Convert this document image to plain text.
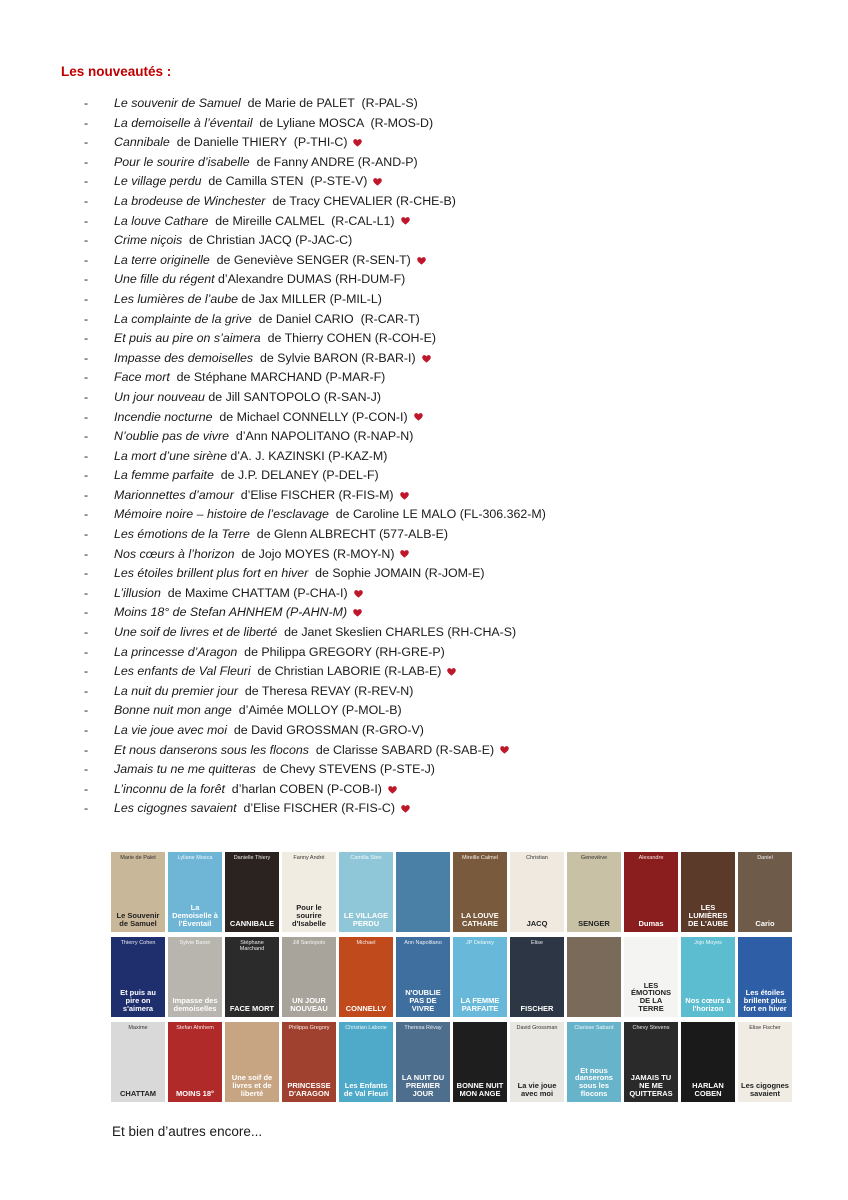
Les nouveautés :
-	Le souvenir de Samuel de Marie de PALET  (R-PAL-S)
-	La demoiselle à l’éventail de Lyliane MOSCA  (R-MOS-D)
-	Cannibale de Danielle THIERY  (P-THI-C)
-	Pour le sourire d’isabelle de Fanny ANDRE (R-AND-P)
-	Le village perdu de Camilla STEN  (P-STE-V)
-	La brodeuse de Winchester de Tracy CHEVALIER (R-CHE-B)
-	La louve Cathare de Mireille CALMEL  (R-CAL-L1)
-	Crime niçois de Christian JACQ (P-JAC-C)
-	La terre originelle de Geneviève SENGER (R-SEN-T)
-	Une fille du régent d’Alexandre DUMAS (RH-DUM-F)
-	Les lumières de l’aube de Jax MILLER (P-MIL-L)
-	La complainte de la grive de Daniel CARIO  (R-CAR-T)
-	Et puis au pire on s’aimera de Thierry COHEN (R-COH-E)
-	Impasse des demoiselles de Sylvie BARON (R-BAR-I)
-	Face mort de Stéphane MARCHAND (P-MAR-F)
-	Un jour nouveau de Jill SANTOPOLO (R-SAN-J)
-	Incendie nocturne de Michael CONNELLY (P-CON-I)
-	N’oublie pas de vivre d’Ann NAPOLITANO (R-NAP-N)
-	La mort d’une sirène d’A. J. KAZINSKI (P-KAZ-M)
-	La femme parfaite de J.P. DELANEY (P-DEL-F)
-	Marionnettes d’amour d’Elise FISCHER (R-FIS-M)
-	Mémoire noire – histoire de l’esclavage de Caroline LE MALO (FL-306.362-M)
-	Les émotions de la Terre de Glenn ALBRECHT (577-ALB-E)
-	Nos cœurs à l’horizon de Jojo MOYES (R-MOY-N)
-	Les étoiles brillent plus fort en hiver de Sophie JOMAIN (R-JOM-E)
-	L’illusion de Maxime CHATTAM (P-CHA-I)
-	Moins 18° de Stefan AHNHEM (P-AHN-M)
-	Une soif de livres et de liberté de Janet Skeslien CHARLES (RH-CHA-S)
-	La princesse d’Aragon de Philippa GREGORY (RH-GRE-P)
-	Les enfants de Val Fleuri de Christian LABORIE (R-LAB-E)
-	La nuit du premier jour de Theresa REVAY (R-REV-N)
-	Bonne nuit mon ange d’Aimée MOLLOY (P-MOL-B)
-	La vie joue avec moi de David GROSSMAN (R-GRO-V)
-	Et nous danserons sous les flocons de Clarisse SABARD (R-SAB-E)
-	Jamais tu ne me quitteras de Chevy STEVENS (P-STE-J)
-	L’inconnu de la forêt d’harlan COBEN (P-COB-I)
-	Les cigognes savaient d’Elise FISCHER (R-FIS-C)
Marie de Palet
Le Souvenir de Samuel
Lyliane Mosca
La Demoiselle à l'Éventail
Danielle Thiery
CANNIBALE
Fanny André
Pour le sourire d'Isabelle
Camilla Sten
LE VILLAGE PERDU
Mireille Calmel
LA LOUVE CATHARE
Christian
JACQ
Geneviève
SENGER
Alexandre
Dumas
LES LUMIÈRES DE L'AUBE
Daniel
Cario
Thierry Cohen
Et puis au pire on s'aimera
Sylvie Baron
Impasse des demoiselles
Stéphane Marchand
FACE MORT
Jill Santopolo
UN JOUR NOUVEAU
Michael
CONNELLY
Ann Napolitano
N'OUBLIE PAS DE VIVRE
JP Delaney
LA FEMME PARFAITE
Elise
FISCHER
LES ÉMOTIONS DE LA TERRE
Jojo Moyes
Nos cœurs à l'horizon
Les étoiles brillent plus fort en hiver
Maxime
CHATTAM
Stefan Ahnhem
MOINS 18°
Une soif de livres et de liberté
Philippa Gregory
PRINCESSE D'ARAGON
Christian Laborie
Les Enfants de Val Fleuri
Theresa Révay
LA NUIT DU PREMIER JOUR
BONNE NUIT MON ANGE
David Grossman
La vie joue avec moi
Clarisse Sabard
Et nous danserons sous les flocons
Chevy Stevens
JAMAIS TU NE ME QUITTERAS
HARLAN COBEN
Elise Fischer
Les cigognes savaient

Et bien d’autres encore...
